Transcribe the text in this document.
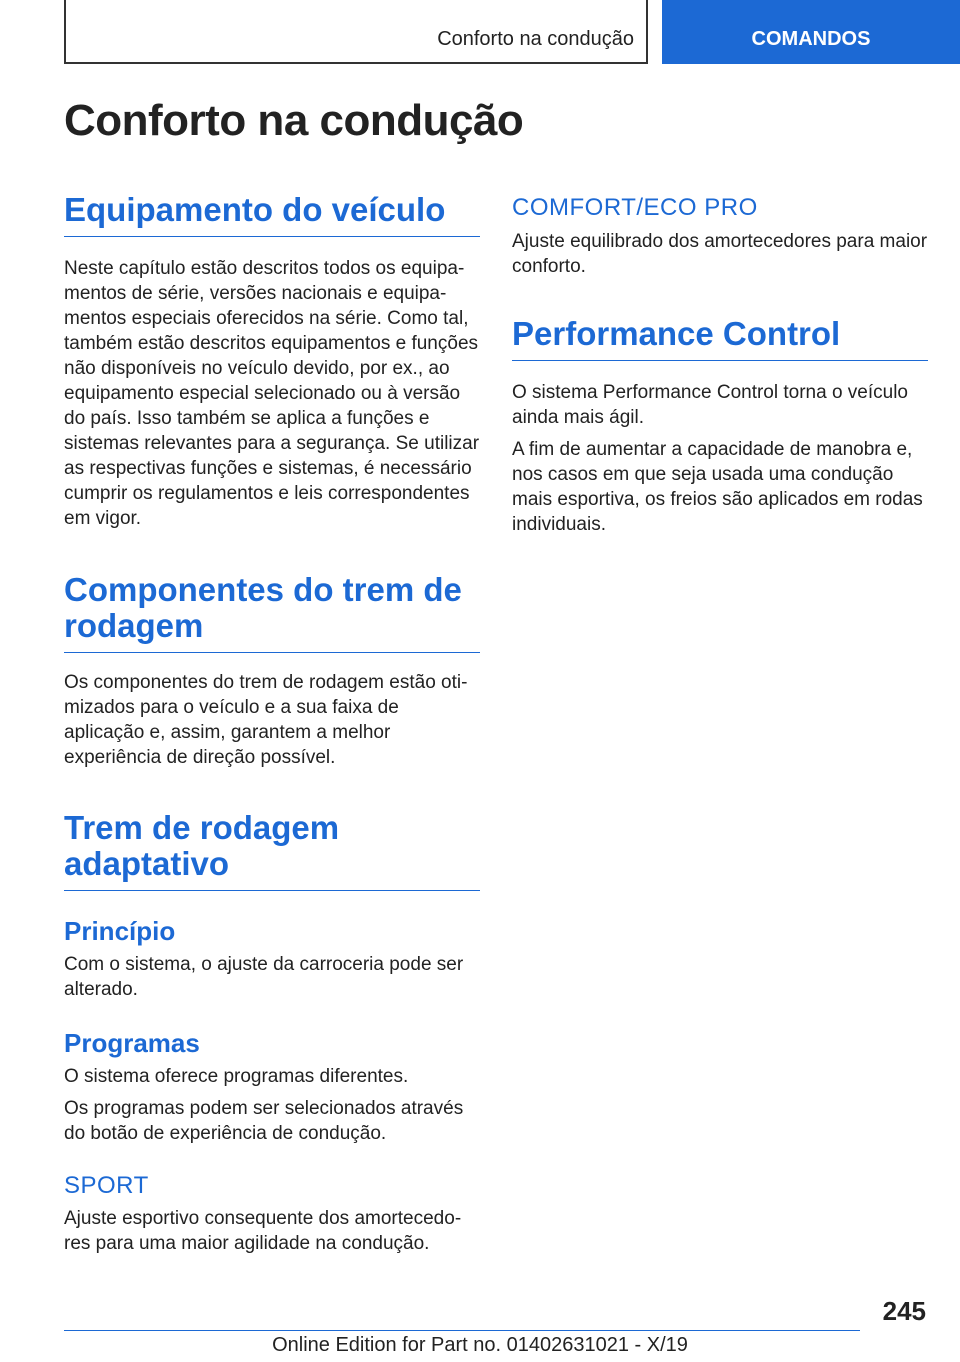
Conforto na condução	COMANDOS
Conforto na condução
Equipamento do veículo

Neste capítulo estão descritos todos os equipamentos de série, versões nacionais e equipamentos especiais oferecidos na série. Como tal, também estão descritos equipamentos e funções não disponíveis no veículo devido, por ex., ao equipamento especial selecionado ou à versão do país. Isso também se aplica a funções e sistemas relevantes para a segurança. Se utilizar as respectivas funções e sistemas, é necessário cumprir os regulamentos e leis correspondentes em vigor.

Componentes do trem de rodagem

Os componentes do trem de rodagem estão otimizados para o veículo e a sua faixa de aplicação e, assim, garantem a melhor experiência de direção possível.

Trem de rodagem adaptativo
Princípio

Com o sistema, o ajuste da carroceria pode ser alterado.

Programas

O sistema oferece programas diferentes.

Os programas podem ser selecionados através do botão de experiência de condução.

SPORT

Ajuste esportivo consequente dos amortecedores para uma maior agilidade na condução.

COMFORT/ECO PRO

Ajuste equilibrado dos amortecedores para maior conforto.

Performance Control

O sistema Performance Control torna o veículo ainda mais ágil.

A fim de aumentar a capacidade de manobra e, nos casos em que seja usada uma condução mais esportiva, os freios são aplicados em rodas individuais.

245
Online Edition for Part no. 01402631021 - X/19
